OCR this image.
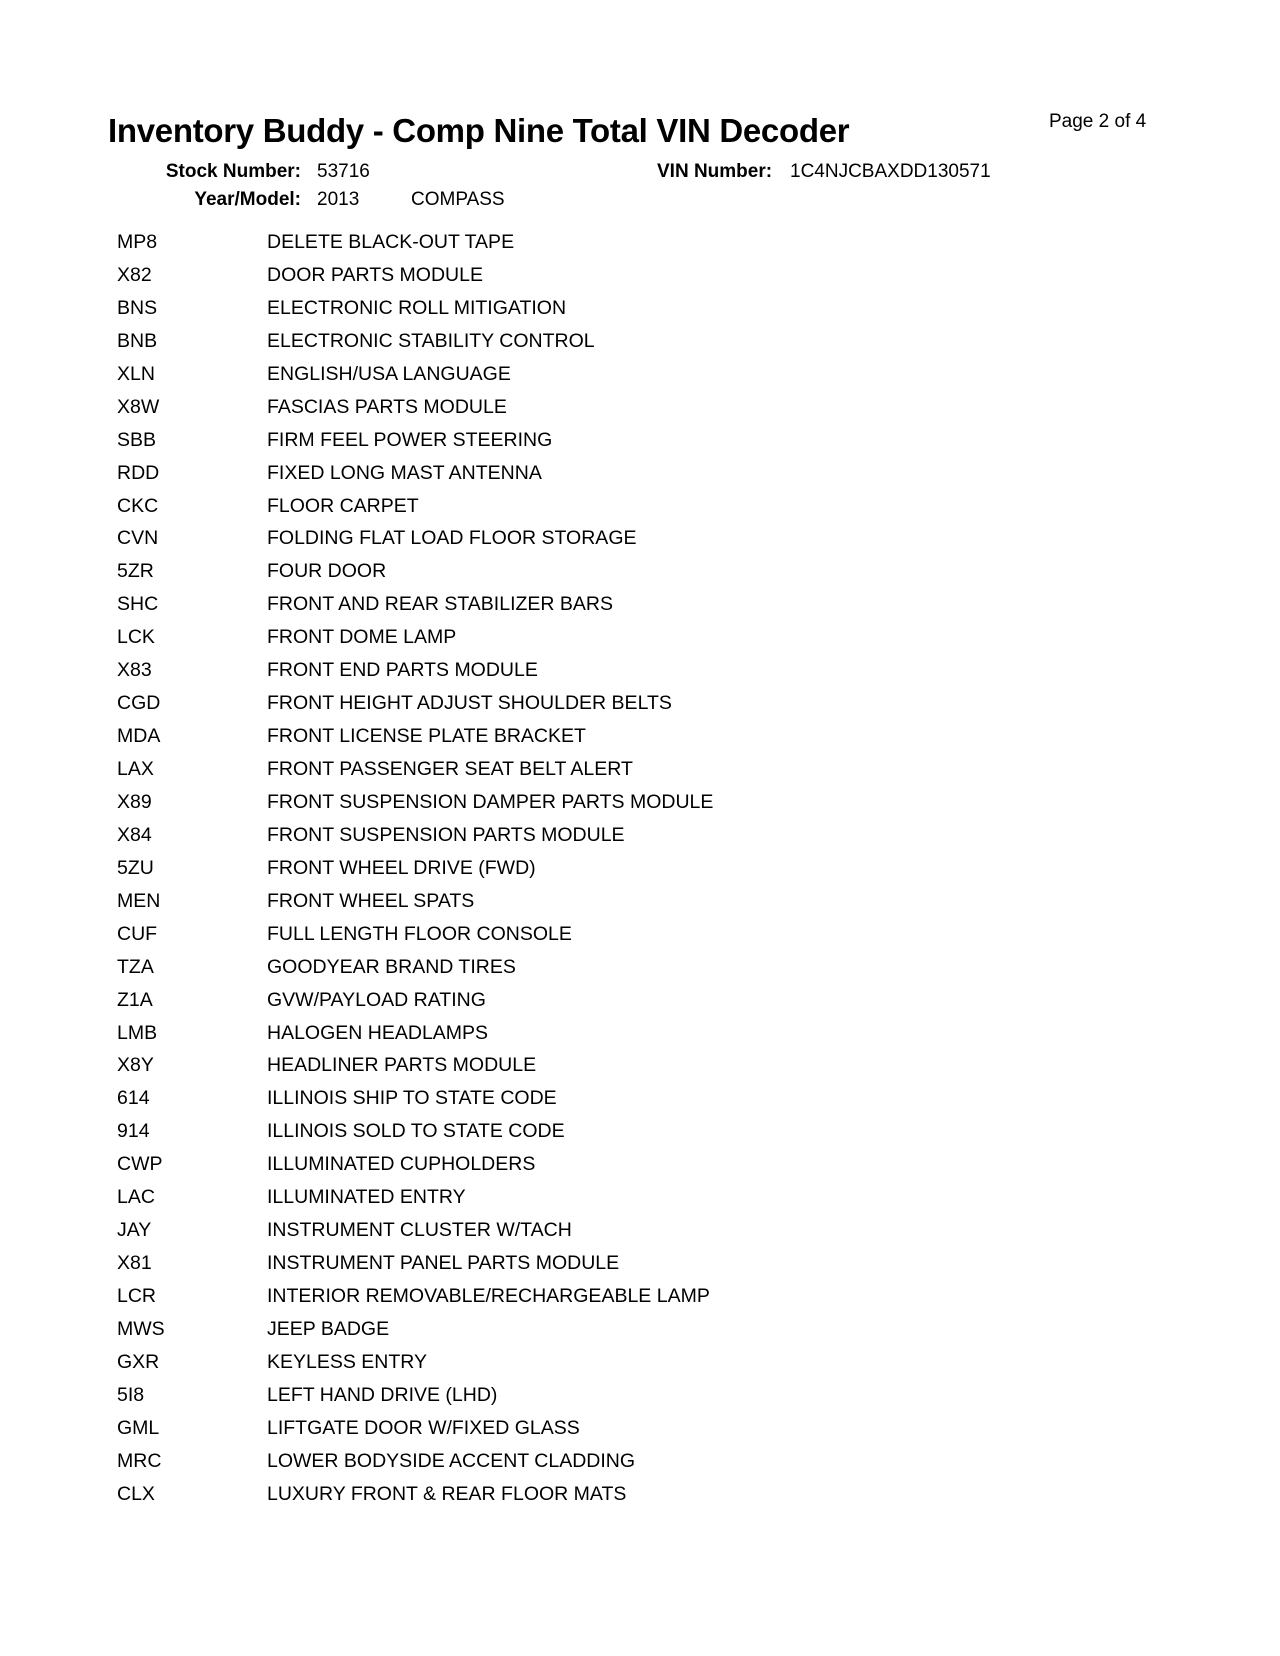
Inventory Buddy - Comp Nine Total VIN Decoder	Page 2 of 4
Stock Number: 53716	VIN Number: 1C4NJCBAXDD130571
Year/Model: 2013	COMPASS
MP8	DELETE BLACK-OUT TAPE
X82	DOOR PARTS MODULE
BNS	ELECTRONIC ROLL MITIGATION
BNB	ELECTRONIC STABILITY CONTROL
XLN	ENGLISH/USA LANGUAGE
X8W	FASCIAS PARTS MODULE
SBB	FIRM FEEL POWER STEERING
RDD	FIXED LONG MAST ANTENNA
CKC	FLOOR CARPET
CVN	FOLDING FLAT LOAD FLOOR STORAGE
5ZR	FOUR DOOR
SHC	FRONT AND REAR STABILIZER BARS
LCK	FRONT DOME LAMP
X83	FRONT END PARTS MODULE
CGD	FRONT HEIGHT ADJUST SHOULDER BELTS
MDA	FRONT LICENSE PLATE BRACKET
LAX	FRONT PASSENGER SEAT BELT ALERT
X89	FRONT SUSPENSION DAMPER PARTS MODULE
X84	FRONT SUSPENSION PARTS MODULE
5ZU	FRONT WHEEL DRIVE (FWD)
MEN	FRONT WHEEL SPATS
CUF	FULL LENGTH FLOOR CONSOLE
TZA	GOODYEAR BRAND TIRES
Z1A	GVW/PAYLOAD RATING
LMB	HALOGEN HEADLAMPS
X8Y	HEADLINER PARTS MODULE
614	ILLINOIS SHIP TO STATE CODE
914	ILLINOIS SOLD TO STATE CODE
CWP	ILLUMINATED CUPHOLDERS
LAC	ILLUMINATED ENTRY
JAY	INSTRUMENT CLUSTER W/TACH
X81	INSTRUMENT PANEL PARTS MODULE
LCR	INTERIOR REMOVABLE/RECHARGEABLE LAMP
MWS	JEEP BADGE
GXR	KEYLESS ENTRY
5I8	LEFT HAND DRIVE (LHD)
GML	LIFTGATE DOOR W/FIXED GLASS
MRC	LOWER BODYSIDE ACCENT CLADDING
CLX	LUXURY FRONT & REAR FLOOR MATS
